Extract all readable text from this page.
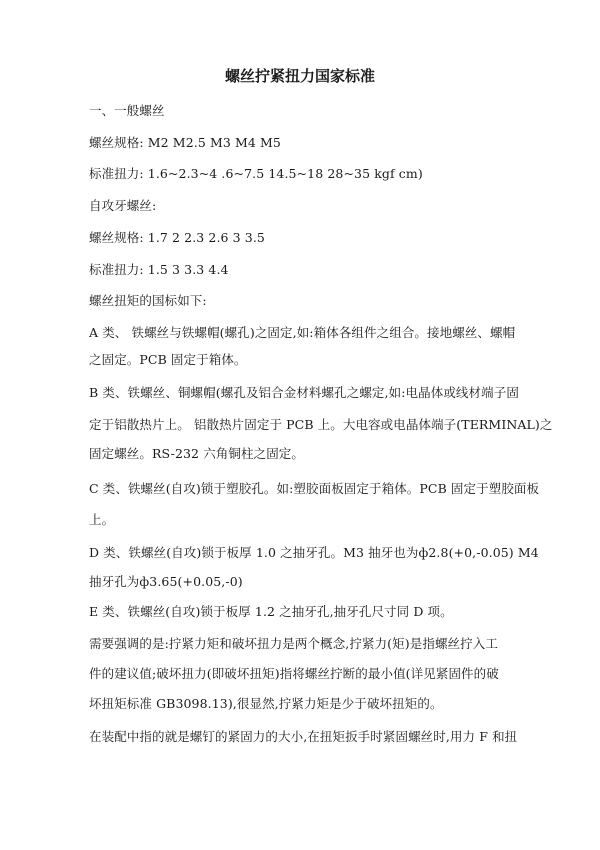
螺丝拧紧扭力国家标准
一、一般螺丝
螺丝规格: M2 M2.5 M3 M4 M5
标准扭力: 1.6~2.3~4 .6~7.5 14.5~18 28~35 kgf cm)
自攻牙螺丝:
螺丝规格: 1.7 2 2.3 2.6 3 3.5
标准扭力: 1.5 3 3.3 4.4
螺丝扭矩的国标如下:
A 类、 铁螺丝与铁螺帽(螺孔)之固定,如:箱体各组件之组合。接地螺丝、螺帽
之固定。PCB 固定于箱体。
B 类、铁螺丝、铜螺帽(螺孔及铝合金材料螺孔之螺定,如:电晶体或线材端子固
定于铝散热片上。 铝散热片固定于 PCB 上。大电容或电晶体端子(TERMINAL)之
固定螺丝。RS-232 六角铜柱之固定。
C 类、铁螺丝(自攻)锁于塑胶孔。如:塑胶面板固定于箱体。PCB 固定于塑胶面板
上。
D 类、铁螺丝(自攻)锁于板厚 1.0 之抽牙孔。M3 抽牙也为ф2.8(+0,-0.05) M4
抽牙孔为ф3.65(+0.05,-0)
E 类、铁螺丝(自攻)锁于板厚 1.2 之抽牙孔,抽牙孔尺寸同 D 项。
需要强调的是:拧紧力矩和破坏扭力是两个概念,拧紧力(矩)是指螺丝拧入工
件的建议值;破坏扭力(即破坏扭矩)指将螺丝拧断的最小值(详见紧固件的破
坏扭矩标准 GB3098.13),很显然,拧紧力矩是少于破坏扭矩的。
在装配中指的就是螺钉的紧固力的大小,在扭矩扳手时紧固螺丝时,用力 F 和扭
